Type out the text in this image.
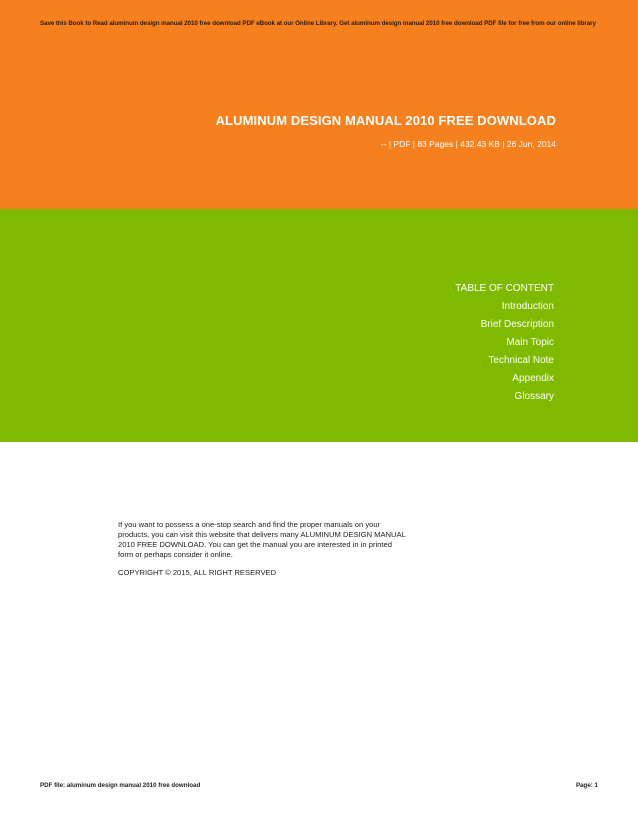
Save this Book to Read aluminum design manual 2010 free download PDF eBook at our Online Library. Get aluminum design manual 2010 free download PDF file for free from our online library
ALUMINUM DESIGN MANUAL 2010 FREE DOWNLOAD
-- | PDF | 83 Pages | 432.43 KB | 26 Jun, 2014
TABLE OF CONTENT
Introduction
Brief Description
Main Topic
Technical Note
Appendix
Glossary
If you want to possess a one-stop search and find the proper manuals on your products, you can visit this website that delivers many ALUMINUM DESIGN MANUAL 2010 FREE DOWNLOAD. You can get the manual you are interested in in printed form or perhaps consider it online.
COPYRIGHT © 2015, ALL RIGHT RESERVED
PDF file: aluminum design manual 2010 free download	Page: 1
